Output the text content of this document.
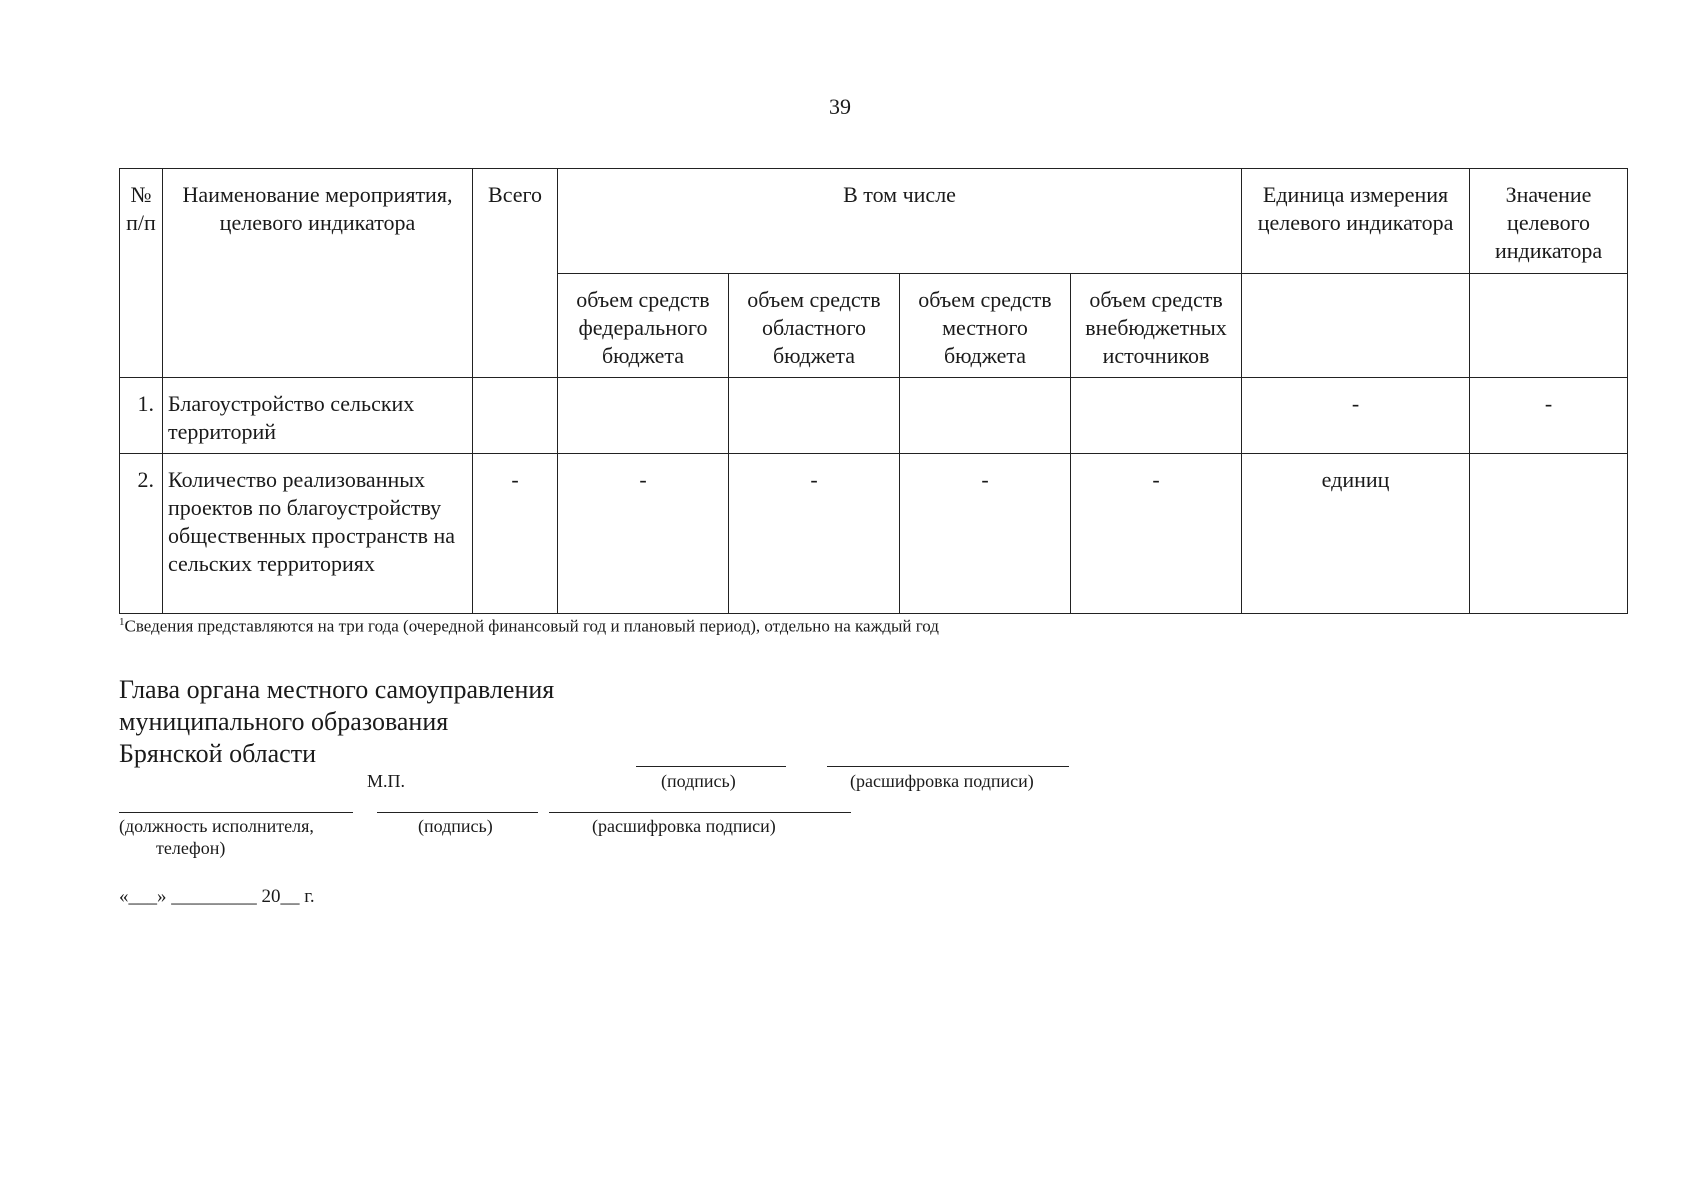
39
№ п/п	Наименование мероприятия, целевого индикатора	Всего	В том числе				Единица измерения целевого индикатора	Значение целевого индикатора
			объем средств федерального бюджета	объем средств областного бюджета	объем средств местного бюджета	объем средств внебюджетных источников		
1.	Благоустройство сельских территорий						-	-
2.	Количество реализованных проектов по благоустройству общественных пространств на сельских территориях	-	-	-	-	-	единиц	
$^1$Сведения представляются на три года (очередной финансовый год и плановый период), отдельно на каждый год
Глава органа местного самоуправления
муниципального образования
Брянской области
М.П.	(подпись)	(расшифровка подписи)
(должность исполнителя,
телефон)
(подпись)	(расшифровка подписи)
«___» _________ 20__ г.
